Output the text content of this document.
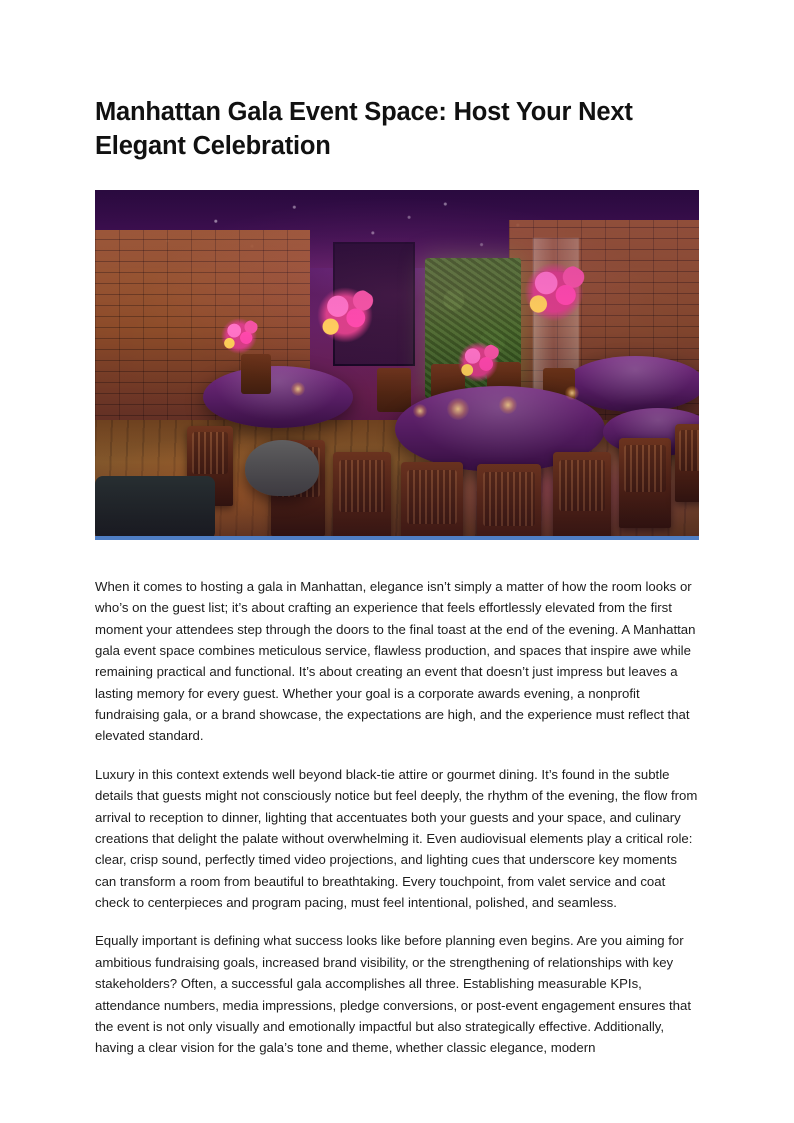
Manhattan Gala Event Space: Host Your Next Elegant Celebration

When it comes to hosting a gala in Manhattan, elegance isn’t simply a matter of how the room looks or who’s on the guest list; it’s about crafting an experience that feels effortlessly elevated from the first moment your attendees step through the doors to the final toast at the end of the evening. A Manhattan gala event space combines meticulous service, flawless production, and spaces that inspire awe while remaining practical and functional. It’s about creating an event that doesn’t just impress but leaves a lasting memory for every guest. Whether your goal is a corporate awards evening, a nonprofit fundraising gala, or a brand showcase, the expectations are high, and the experience must reflect that elevated standard.

Luxury in this context extends well beyond black-tie attire or gourmet dining. It’s found in the subtle details that guests might not consciously notice but feel deeply, the rhythm of the evening, the flow from arrival to reception to dinner, lighting that accentuates both your guests and your space, and culinary creations that delight the palate without overwhelming it. Even audiovisual elements play a critical role: clear, crisp sound, perfectly timed video projections, and lighting cues that underscore key moments can transform a room from beautiful to breathtaking. Every touchpoint, from valet service and coat check to centerpieces and program pacing, must feel intentional, polished, and seamless.

Equally important is defining what success looks like before planning even begins. Are you aiming for ambitious fundraising goals, increased brand visibility, or the strengthening of relationships with key stakeholders? Often, a successful gala accomplishes all three. Establishing measurable KPIs, attendance numbers, media impressions, pledge conversions, or post-event engagement ensures that the event is not only visually and emotionally impactful but also strategically effective. Additionally, having a clear vision for the gala’s tone and theme, whether classic elegance, modern
